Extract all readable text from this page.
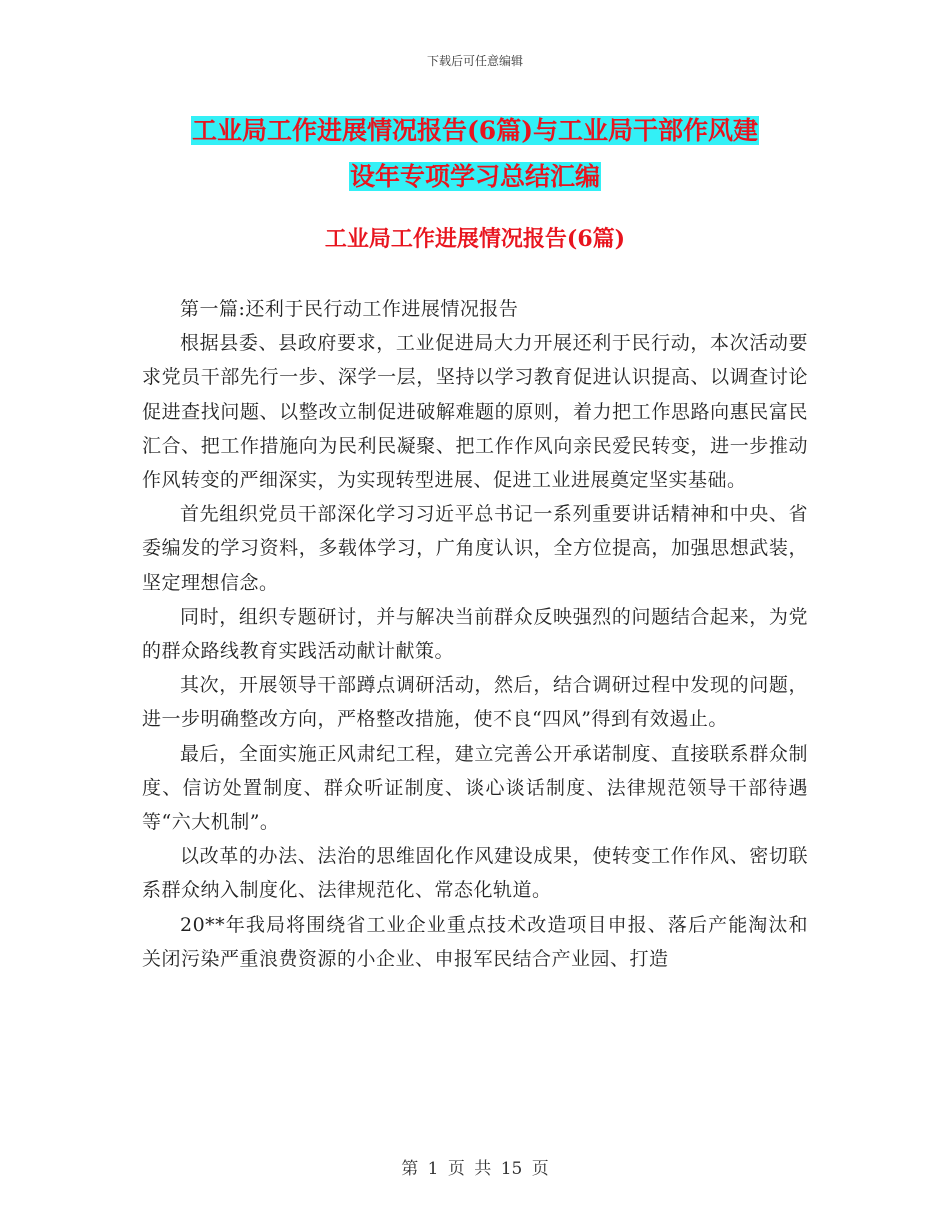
下载后可任意编辑
工业局工作进展情况报告(6篇)与工业局干部作风建
设年专项学习总结汇编
工业局工作进展情况报告(6篇)

第一篇:还利于民行动工作进展情况报告

根据县委、县政府要求，工业促进局大力开展还利于民行动，本次活动要求党员干部先行一步、深学一层，坚持以学习教育促进认识提高、以调查讨论促进查找问题、以整改立制促进破解难题的原则，着力把工作思路向惠民富民汇合、把工作措施向为民利民凝聚、把工作作风向亲民爱民转变，进一步推动作风转变的严细深实，为实现转型进展、促进工业进展奠定坚实基础。

首先组织党员干部深化学习习近平总书记一系列重要讲话精神和中央、省委编发的学习资料，多载体学习，广角度认识，全方位提高，加强思想武装，坚定理想信念。

同时，组织专题研讨，并与解决当前群众反映强烈的问题结合起来，为党的群众路线教育实践活动献计献策。

其次，开展领导干部蹲点调研活动，然后，结合调研过程中发现的问题，进一步明确整改方向，严格整改措施，使不良“四风”得到有效遏止。

最后，全面实施正风肃纪工程，建立完善公开承诺制度、直接联系群众制度、信访处置制度、群众听证制度、谈心谈话制度、法律规范领导干部待遇等“六大机制”。

以改革的办法、法治的思维固化作风建设成果，使转变工作作风、密切联系群众纳入制度化、法律规范化、常态化轨道。

20**年我局将围绕省工业企业重点技术改造项目申报、落后产能淘汰和关闭污染严重浪费资源的小企业、申报军民结合产业园、打造

第 1 页 共 15 页
